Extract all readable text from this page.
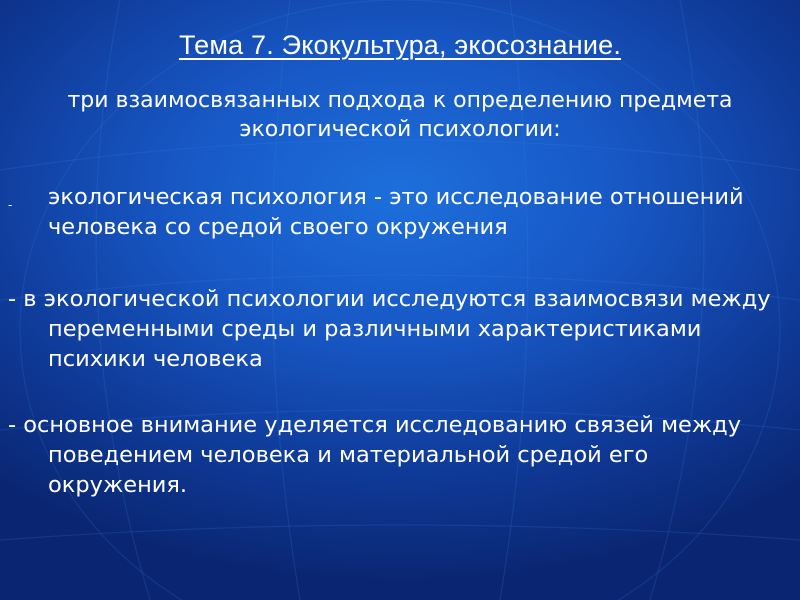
Тема 7. Экокультура, экосознание.
три взаимосвязанных подхода к определению предмета экологической психологии:
-	экологическая психология - это исследование отношений человека со средой своего окружения
- в экологической психологии исследуются взаимосвязи между переменными среды и различными характеристиками психики человека
- основное внимание уделяется исследованию связей между поведением человека и материальной средой его окружения.
